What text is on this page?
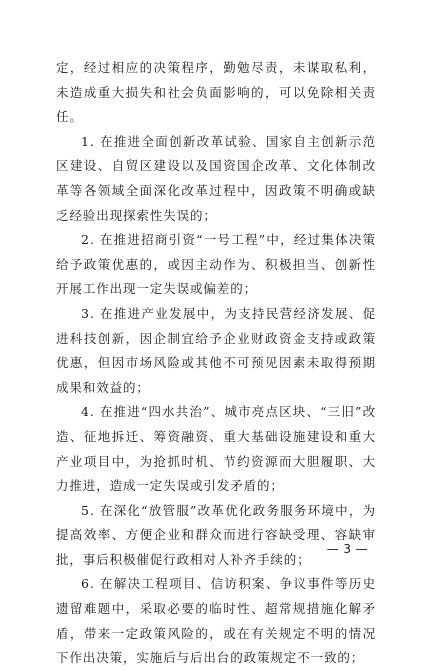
定，经过相应的决策程序，勤勉尽责，未谋取私利，未造成重大损失和社会负面影响的，可以免除相关责任。

1. 在推进全面创新改革试验、国家自主创新示范区建设、自贸区建设以及国资国企改革、文化体制改革等各领域全面深化改革过程中，因政策不明确或缺乏经验出现探索性失误的；

2. 在推进招商引资“一号工程”中，经过集体决策给予政策优惠的，或因主动作为、积极担当、创新性开展工作出现一定失误或偏差的；

3. 在推进产业发展中，为支持民营经济发展、促进科技创新，因企制宜给予企业财政资金支持或政策优惠，但因市场风险或其他不可预见因素未取得预期成果和效益的；

4. 在推进“四水共治”、城市亮点区块、“三旧”改造、征地拆迁、筹资融资、重大基础设施建设和重大产业项目中，为抢抓时机、节约资源而大胆履职、大力推进，造成一定失误或引发矛盾的；

5. 在深化“放管服”改革优化政务服务环境中，为提高效率、方便企业和群众而进行容缺受理、容缺审批，事后积极催促行政相对人补齐手续的；

6. 在解决工程项目、信访积案、争议事件等历史遗留难题中，采取必要的临时性、超常规措施化解矛盾，带来一定政策风险的，或在有关规定不明的情况下作出决策，实施后与后出台的政策规定不一致的；

— 3 —
